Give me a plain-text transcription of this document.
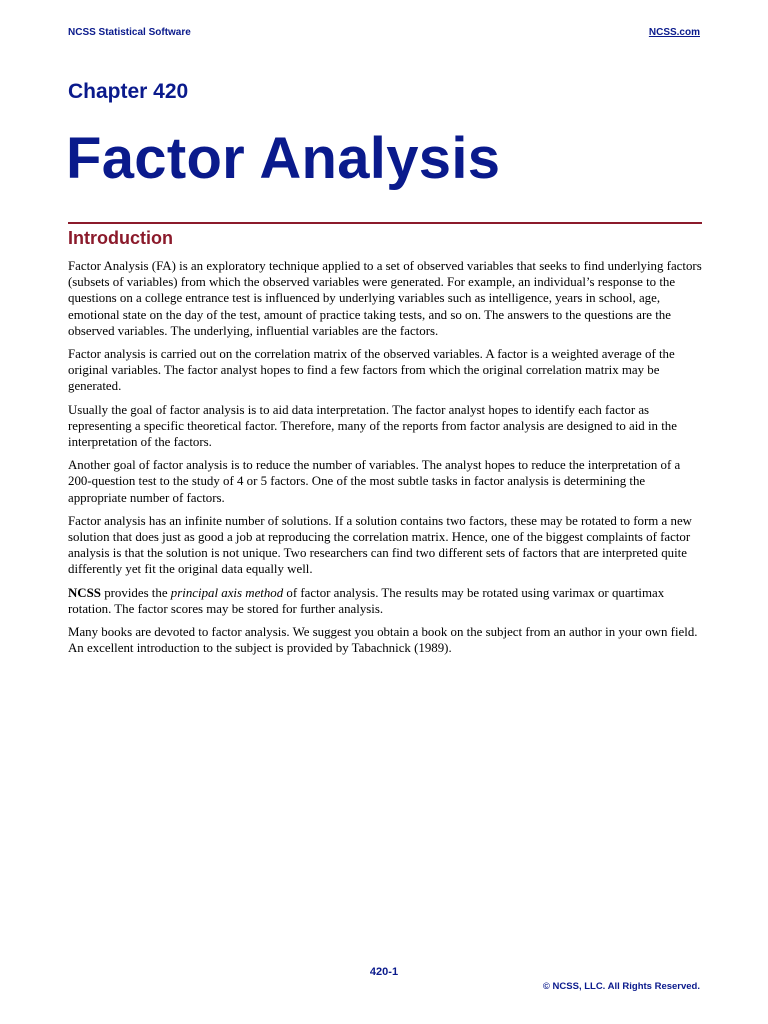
NCSS Statistical Software	NCSS.com
Chapter 420
Factor Analysis
Introduction

Factor Analysis (FA) is an exploratory technique applied to a set of observed variables that seeks to find underlying factors (subsets of variables) from which the observed variables were generated. For example, an individual’s response to the questions on a college entrance test is influenced by underlying variables such as intelligence, years in school, age, emotional state on the day of the test, amount of practice taking tests, and so on. The answers to the questions are the observed variables. The underlying, influential variables are the factors.

Factor analysis is carried out on the correlation matrix of the observed variables. A factor is a weighted average of the original variables. The factor analyst hopes to find a few factors from which the original correlation matrix may be generated.

Usually the goal of factor analysis is to aid data interpretation. The factor analyst hopes to identify each factor as representing a specific theoretical factor. Therefore, many of the reports from factor analysis are designed to aid in the interpretation of the factors.

Another goal of factor analysis is to reduce the number of variables. The analyst hopes to reduce the interpretation of a 200-question test to the study of 4 or 5 factors. One of the most subtle tasks in factor analysis is determining the appropriate number of factors.

Factor analysis has an infinite number of solutions. If a solution contains two factors, these may be rotated to form a new solution that does just as good a job at reproducing the correlation matrix. Hence, one of the biggest complaints of factor analysis is that the solution is not unique. Two researchers can find two different sets of factors that are interpreted quite differently yet fit the original data equally well.

NCSS provides the principal axis method of factor analysis. The results may be rotated using varimax or quartimax rotation. The factor scores may be stored for further analysis.

Many books are devoted to factor analysis. We suggest you obtain a book on the subject from an author in your own field. An excellent introduction to the subject is provided by Tabachnick (1989).

420-1
© NCSS, LLC. All Rights Reserved.
